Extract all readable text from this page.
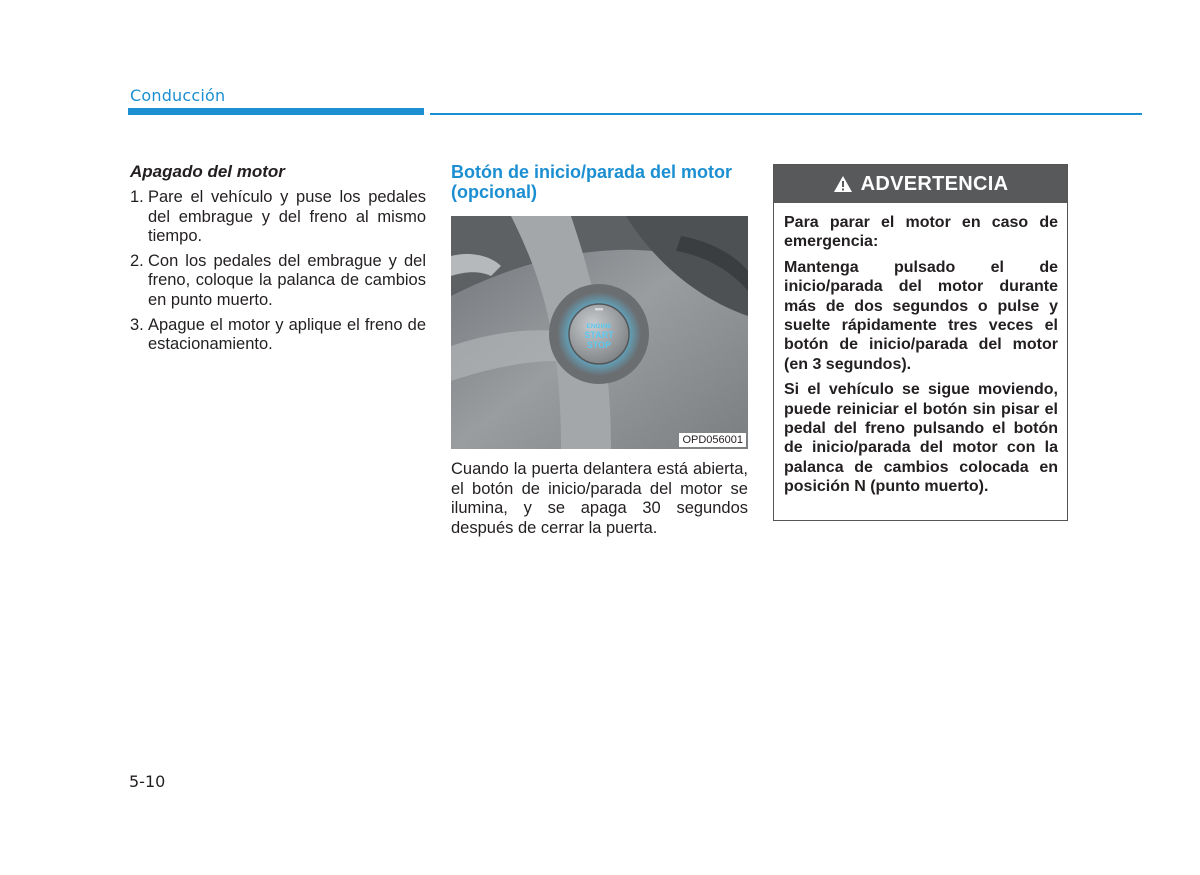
Conducción
Apagado del motor
1. Pare el vehículo y puse los pedales del embrague y del freno al mismo tiempo.
2. Con los pedales del embrague y del freno, coloque la palanca de cambios en punto muerto.
3. Apague el motor y aplique el freno de estacionamiento.
Botón de inicio/parada del motor (opcional)
ENGINE
START
STOP
OPD056001
Cuando la puerta delantera está abierta, el botón de inicio/parada del motor se ilumina, y se apaga 30 segundos después de cerrar la puerta.
ADVERTENCIA

Para parar el motor en caso de emergencia:

Mantenga pulsado el de inicio/parada del motor durante más de dos segundos o pulse y suelte rápidamente tres veces el botón de inicio/parada del motor (en 3 segundos).

Si el vehículo se sigue moviendo, puede reiniciar el botón sin pisar el pedal del freno pulsando el botón de inicio/parada del motor con la palanca de cambios colocada en posición N (punto muerto).

5-10
